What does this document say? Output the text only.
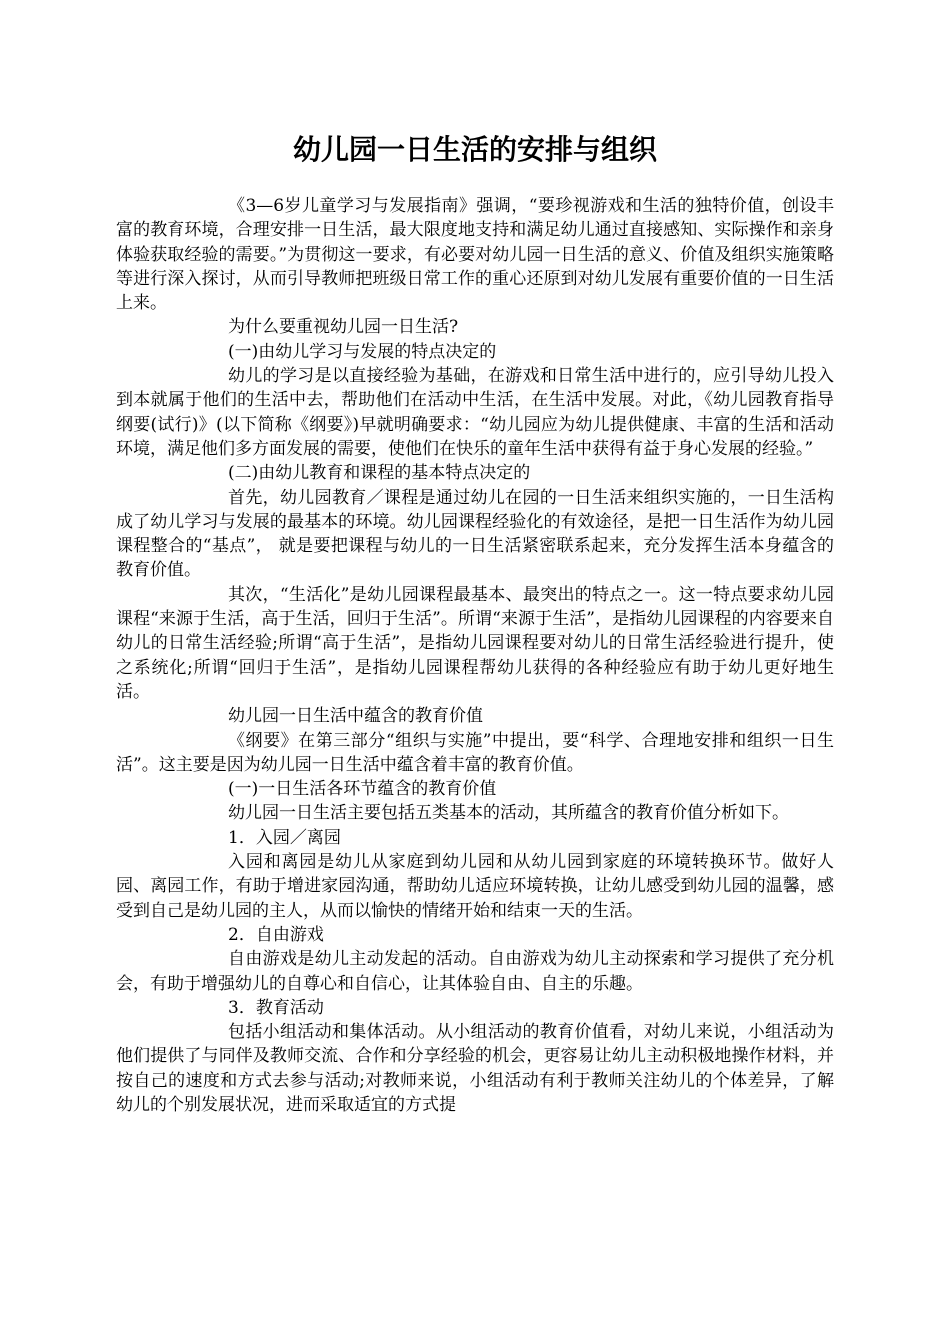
幼儿园一日生活的安排与组织

《3—6岁儿童学习与发展指南》强调，“要珍视游戏和生活的独特价值，创设丰富的教育环境，合理安排一日生活，最大限度地支持和满足幼儿通过直接感知、实际操作和亲身体验获取经验的需要。”为贯彻这一要求，有必要对幼儿园一日生活的意义、价值及组织实施策略等进行深入探讨，从而引导教师把班级日常工作的重心还原到对幼儿发展有重要价值的一日生活上来。

为什么要重视幼儿园一日生活?

(一)由幼儿学习与发展的特点决定的

幼儿的学习是以直接经验为基础，在游戏和日常生活中进行的，应引导幼儿投入到本就属于他们的生活中去，帮助他们在活动中生活，在生活中发展。对此，《幼儿园教育指导纲要(试行)》(以下简称《纲要》)早就明确要求：“幼儿园应为幼儿提供健康、丰富的生活和活动环境，满足他们多方面发展的需要，使他们在快乐的童年生活中获得有益于身心发展的经验。”

(二)由幼儿教育和课程的基本特点决定的

首先，幼儿园教育／课程是通过幼儿在园的一日生活来组织实施的，一日生活构成了幼儿学习与发展的最基本的环境。幼儿园课程经验化的有效途径，是把一日生活作为幼儿园课程整合的“基点”， 就是要把课程与幼儿的一日生活紧密联系起来，充分发挥生活本身蕴含的教育价值。

其次，“生活化”是幼儿园课程最基本、最突出的特点之一。这一特点要求幼儿园课程“来源于生活，高于生活，回归于生活”。所谓“来源于生活”，是指幼儿园课程的内容要来自幼儿的日常生活经验;所谓“高于生活”，是指幼儿园课程要对幼儿的日常生活经验进行提升，使之系统化;所谓“回归于生活”，是指幼儿园课程帮幼儿获得的各种经验应有助于幼儿更好地生活。

幼儿园一日生活中蕴含的教育价值

《纲要》在第三部分“组织与实施”中提出，要“科学、合理地安排和组织一日生活”。这主要是因为幼儿园一日生活中蕴含着丰富的教育价值。

(一)一日生活各环节蕴含的教育价值

幼儿园一日生活主要包括五类基本的活动，其所蕴含的教育价值分析如下。

1．入园／离园

入园和离园是幼儿从家庭到幼儿园和从幼儿园到家庭的环境转换环节。做好人园、离园工作，有助于增进家园沟通，帮助幼儿适应环境转换，让幼儿感受到幼儿园的温馨，感受到自己是幼儿园的主人，从而以愉快的情绪开始和结束一天的生活。

2．自由游戏

自由游戏是幼儿主动发起的活动。自由游戏为幼儿主动探索和学习提供了充分机会，有助于增强幼儿的自尊心和自信心，让其体验自由、自主的乐趣。

3．教育活动

包括小组活动和集体活动。从小组活动的教育价值看，对幼儿来说，小组活动为他们提供了与同伴及教师交流、合作和分享经验的机会，更容易让幼儿主动积极地操作材料，并按自己的速度和方式去参与活动;对教师来说，小组活动有利于教师关注幼儿的个体差异，了解幼儿的个别发展状况，进而采取适宜的方式提
